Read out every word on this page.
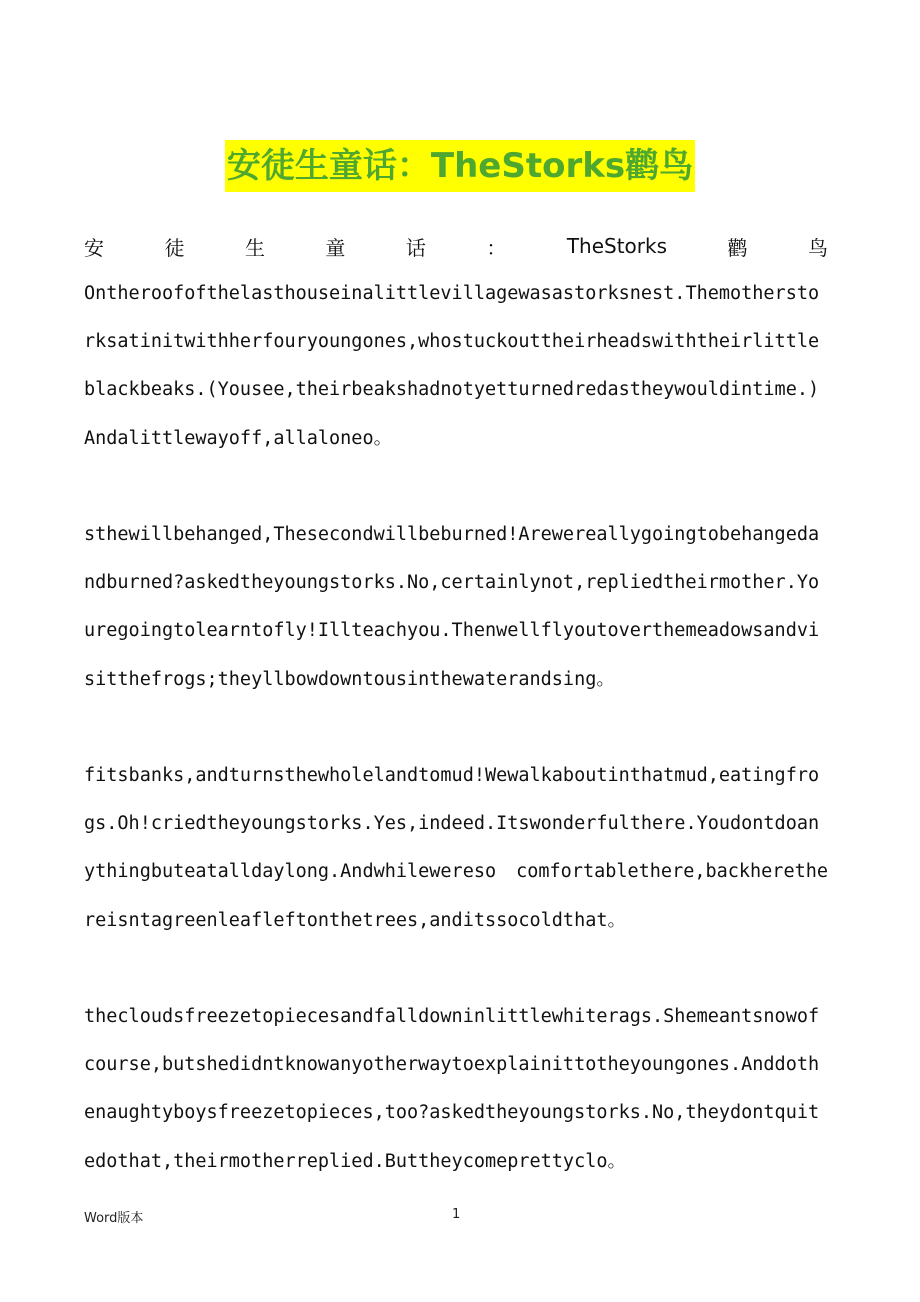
安徒生童话：TheStorks鹳鸟
安	徒	生	童	话	：	TheStorks	鹳	鸟

Ontheroofofthelasthouseinalittlevillagewasastorksnest.Themotherstorksatinitwithherfouryoungones,whostuckouttheirheadswiththeirlittleblackbeaks.(Yousee,theirbeakshadnotyetturnedredastheywouldintime.)Andalittlewayoff,allaloneo。

sthewillbehanged,Thesecondwillbeburned!Arewereallygoingtobehangedandburned?askedtheyoungstorks.No,certainlynot,repliedtheirmother.Youregoingtolearntofly!Illteachyou.Thenwellflyoutoverthemeadowsandvisitthefrogs;theyllbowdowntousinthewaterandsing。

fitsbanks,andturnsthewholelandtomud!Wewalkaboutinthatmud,eatingfrogs.Oh!criedtheyoungstorks.Yes,indeed.Itswonderfulthere.Youdontdoanythingbuteatalldaylong.Andwhilewereso comfortablethere,backherethereisntagreenleafleftonthetrees,anditssocoldthat。

thecloudsfreezetopiecesandfalldowninlittlewhiterags.Shemeantsnowofcourse,butshedidntknowanyotherwaytoexplainittotheyoungones.Anddothenaughtyboysfreezetopieces,too?askedtheyoungstorks.No,theydontquitedothat,theirmotherreplied.Buttheycomeprettyclo。

Word版本	1
